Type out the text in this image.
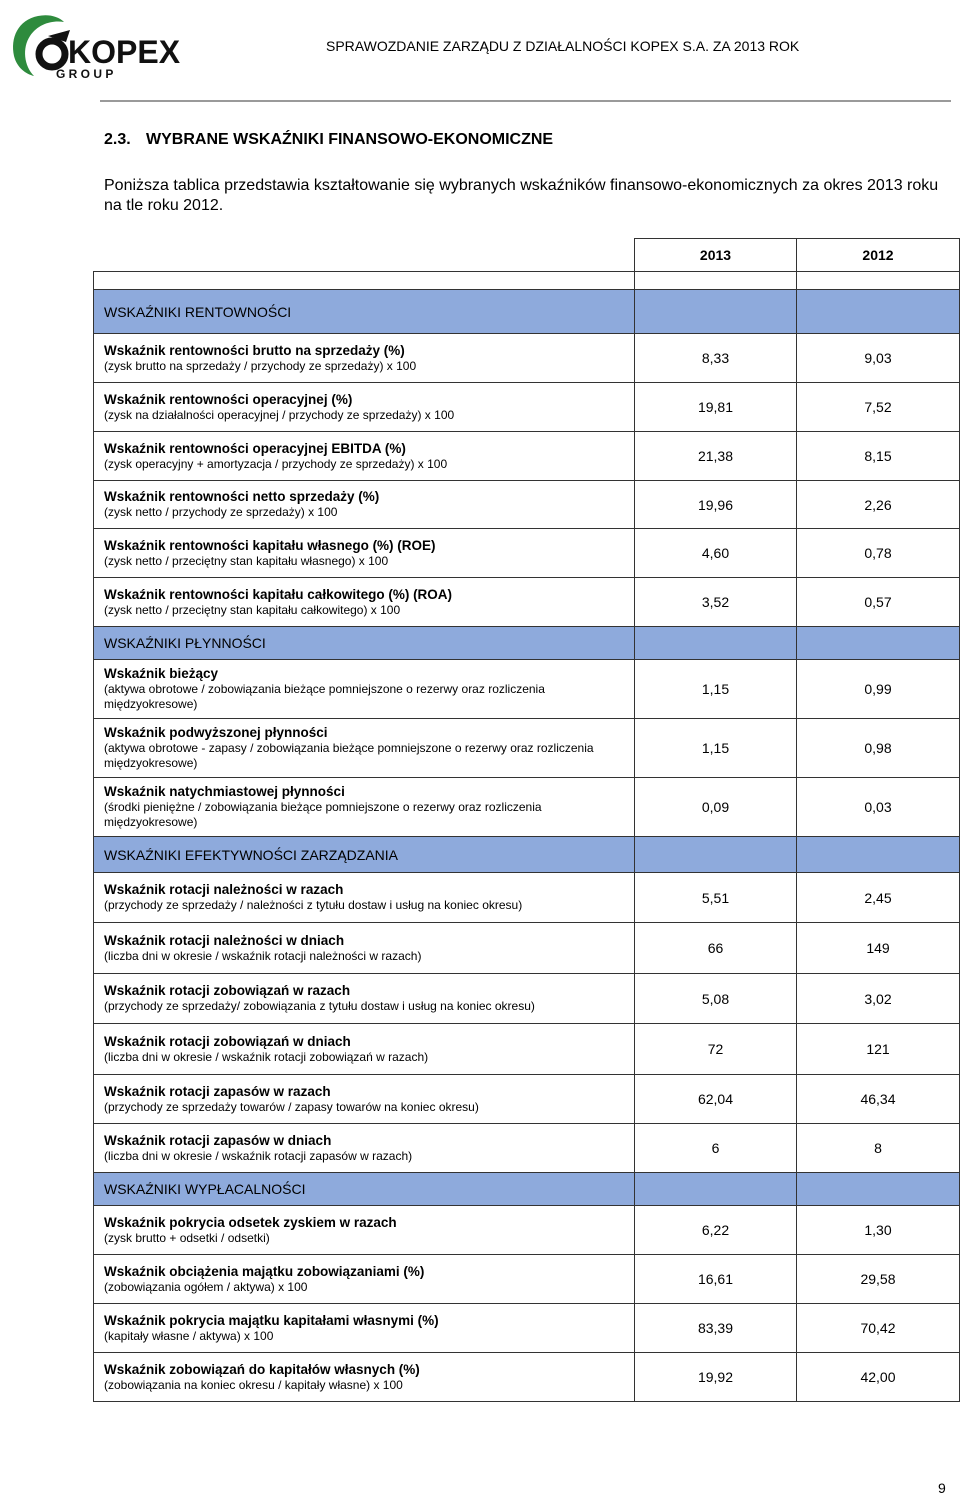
KOPEX
G R O U P
SPRAWOZDANIE ZARZĄDU Z DZIAŁALNOŚCI KOPEX S.A. ZA 2013 ROK
2.3. WYBRANE WSKAŹNIKI FINANSOWO-EKONOMICZNE
Poniższa tablica przedstawia kształtowanie się wybranych wskaźników finansowo-ekonomicznych za okres 2013 roku na tle roku 2012.
	2013	2012

WSKAŹNIKI RENTOWNOŚCI		

Wskaźnik rentowności brutto na sprzedaży (%)
(zysk brutto na sprzedaży / przychody ze sprzedaży) x 100	8,33	9,03

Wskaźnik rentowności operacyjnej (%)
(zysk na działalności operacyjnej / przychody ze sprzedaży) x 100	19,81	7,52

Wskaźnik rentowności operacyjnej EBITDA (%)
(zysk operacyjny + amortyzacja / przychody ze sprzedaży) x 100	21,38	8,15

Wskaźnik rentowności netto sprzedaży (%)
(zysk netto / przychody ze sprzedaży) x 100	19,96	2,26

Wskaźnik rentowności kapitału własnego (%) (ROE)
(zysk netto / przeciętny stan kapitału własnego) x 100	4,60	0,78

Wskaźnik rentowności kapitału całkowitego (%) (ROA)
(zysk netto / przeciętny stan kapitału całkowitego) x 100	3,52	0,57
WSKAŹNIKI PŁYNNOŚCI		

Wskaźnik bieżący
(aktywa obrotowe / zobowiązania bieżące pomniejszone o rezerwy oraz rozliczenia międzyokresowe)	1,15	0,99

Wskaźnik podwyższonej płynności
(aktywa obrotowe - zapasy / zobowiązania bieżące pomniejszone o rezerwy oraz rozliczenia międzyokresowe)	1,15	0,98

Wskaźnik natychmiastowej płynności
(środki pieniężne / zobowiązania bieżące pomniejszone o rezerwy oraz rozliczenia międzyokresowe)	0,09	0,03
WSKAŹNIKI EFEKTYWNOŚCI ZARZĄDZANIA		

Wskaźnik rotacji należności w razach
(przychody ze sprzedaży / należności z tytułu dostaw i usług na koniec okresu)	5,51	2,45

Wskaźnik rotacji należności w dniach
(liczba dni w okresie / wskaźnik rotacji należności w razach)	66	149

Wskaźnik rotacji zobowiązań w razach
(przychody ze sprzedaży/ zobowiązania z tytułu dostaw i usług na koniec okresu)	5,08	3,02

Wskaźnik rotacji zobowiązań w dniach
(liczba dni w okresie / wskaźnik rotacji zobowiązań w razach)	72	121

Wskaźnik rotacji zapasów w razach
(przychody ze sprzedaży towarów / zapasy towarów na koniec okresu)	62,04	46,34

Wskaźnik rotacji zapasów w dniach
(liczba dni w okresie / wskaźnik rotacji zapasów w razach)	6	8
WSKAŹNIKI WYPŁACALNOŚCI		

Wskaźnik pokrycia odsetek zyskiem w razach
(zysk brutto + odsetki / odsetki)	6,22	1,30

Wskaźnik obciążenia majątku zobowiązaniami (%)
(zobowiązania ogółem / aktywa) x 100	16,61	29,58

Wskaźnik pokrycia majątku kapitałami własnymi (%)
(kapitały własne / aktywa) x 100	83,39	70,42

Wskaźnik zobowiązań do kapitałów własnych (%)
(zobowiązania na koniec okresu / kapitały własne) x 100	19,92	42,00
9
